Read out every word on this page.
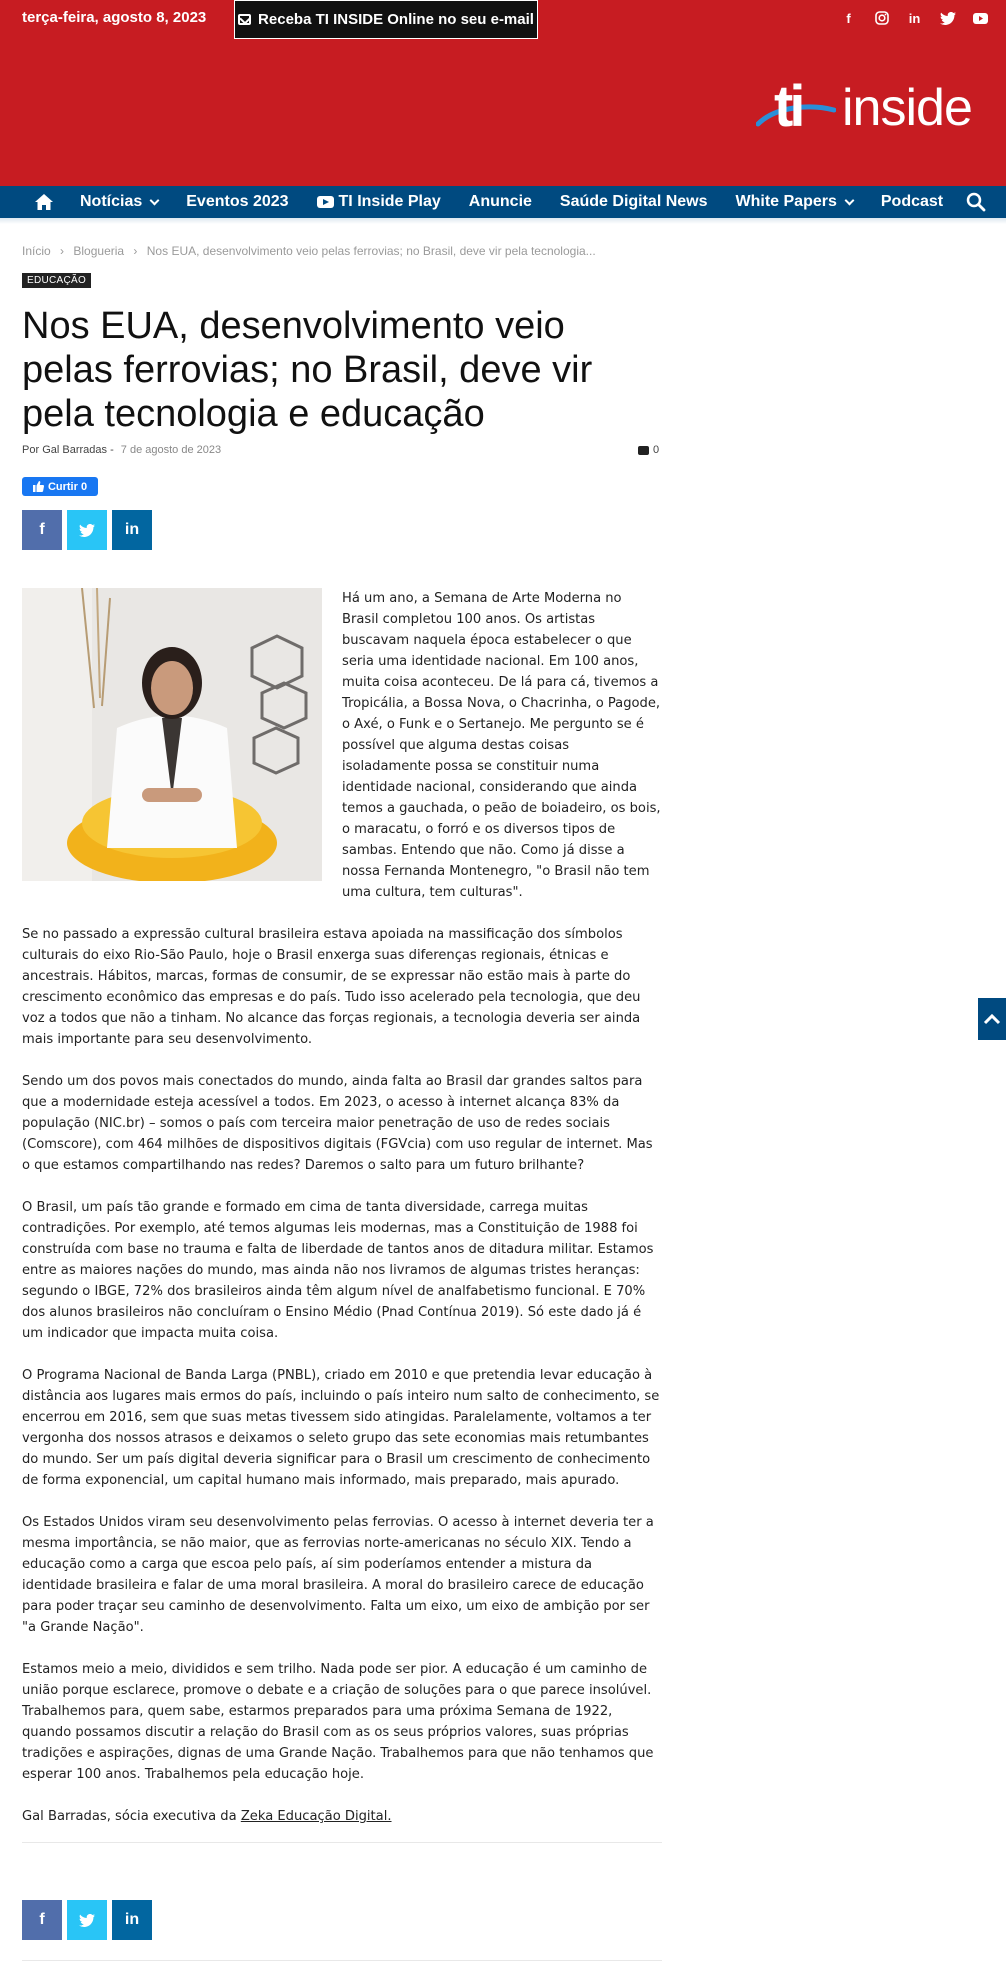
terça-feira, agosto 8, 2023	Receba TI INSIDE Online no seu e-mail	f	in
ti inside
Notícias	Eventos 2023	TI Inside Play Anuncie Saúde Digital News White Papers	Podcast
Início › Blogueria › Nos EUA, desenvolvimento veio pelas ferrovias; no Brasil, deve vir pela tecnologia...
EDUCAÇÃO
Nos EUA, desenvolvimento veio pelas ferrovias; no Brasil, deve vir pela tecnologia e educação
Por Gal Barradas - 7 de agosto de 2023	0
Curtir 0
f	in

Há um ano, a Semana de Arte Moderna no Brasil completou 100 anos. Os artistas buscavam naquela época estabelecer o que seria uma identidade nacional. Em 100 anos, muita coisa aconteceu. De lá para cá, tivemos a Tropicália, a Bossa Nova, o Chacrinha, o Pagode, o Axé, o Funk e o Sertanejo. Me pergunto se é possível que alguma destas coisas isoladamente possa se constituir numa identidade nacional, considerando que ainda temos a gauchada, o peão de boiadeiro, os bois, o maracatu, o forró e os diversos tipos de sambas. Entendo que não. Como já disse a nossa Fernanda Montenegro, "o Brasil não tem uma cultura, tem culturas".

Se no passado a expressão cultural brasileira estava apoiada na massificação dos símbolos culturais do eixo Rio-São Paulo, hoje o Brasil enxerga suas diferenças regionais, étnicas e ancestrais. Hábitos, marcas, formas de consumir, de se expressar não estão mais à parte do crescimento econômico das empresas e do país. Tudo isso acelerado pela tecnologia, que deu voz a todos que não a tinham. No alcance das forças regionais, a tecnologia deveria ser ainda mais importante para seu desenvolvimento.

Sendo um dos povos mais conectados do mundo, ainda falta ao Brasil dar grandes saltos para que a modernidade esteja acessível a todos. Em 2023, o acesso à internet alcança 83% da população (NIC.br) – somos o país com terceira maior penetração de uso de redes sociais (Comscore), com 464 milhões de dispositivos digitais (FGVcia) com uso regular de internet. Mas o que estamos compartilhando nas redes? Daremos o salto para um futuro brilhante?

O Brasil, um país tão grande e formado em cima de tanta diversidade, carrega muitas contradições. Por exemplo, até temos algumas leis modernas, mas a Constituição de 1988 foi construída com base no trauma e falta de liberdade de tantos anos de ditadura militar. Estamos entre as maiores nações do mundo, mas ainda não nos livramos de algumas tristes heranças: segundo o IBGE, 72% dos brasileiros ainda têm algum nível de analfabetismo funcional. E 70% dos alunos brasileiros não concluíram o Ensino Médio (Pnad Contínua 2019). Só este dado já é um indicador que impacta muita coisa.

O Programa Nacional de Banda Larga (PNBL), criado em 2010 e que pretendia levar educação à distância aos lugares mais ermos do país, incluindo o país inteiro num salto de conhecimento, se encerrou em 2016, sem que suas metas tivessem sido atingidas. Paralelamente, voltamos a ter vergonha dos nossos atrasos e deixamos o seleto grupo das sete economias mais retumbantes do mundo. Ser um país digital deveria significar para o Brasil um crescimento de conhecimento de forma exponencial, um capital humano mais informado, mais preparado, mais apurado.

Os Estados Unidos viram seu desenvolvimento pelas ferrovias. O acesso à internet deveria ter a mesma importância, se não maior, que as ferrovias norte-americanas no século XIX. Tendo a educação como a carga que escoa pelo país, aí sim poderíamos entender a mistura da identidade brasileira e falar de uma moral brasileira. A moral do brasileiro carece de educação para poder traçar seu caminho de desenvolvimento. Falta um eixo, um eixo de ambição por ser "a Grande Nação".

Estamos meio a meio, divididos e sem trilho. Nada pode ser pior. A educação é um caminho de união porque esclarece, promove o debate e a criação de soluções para o que parece insolúvel. Trabalhemos para, quem sabe, estarmos preparados para uma próxima Semana de 1922, quando possamos discutir a relação do Brasil com as os seus próprios valores, suas próprias tradições e aspirações, dignas de uma Grande Nação. Trabalhemos para que não tenhamos que esperar 100 anos. Trabalhemos pela educação hoje.

Gal Barradas, sócia executiva da Zeka Educação Digital.

f	in
